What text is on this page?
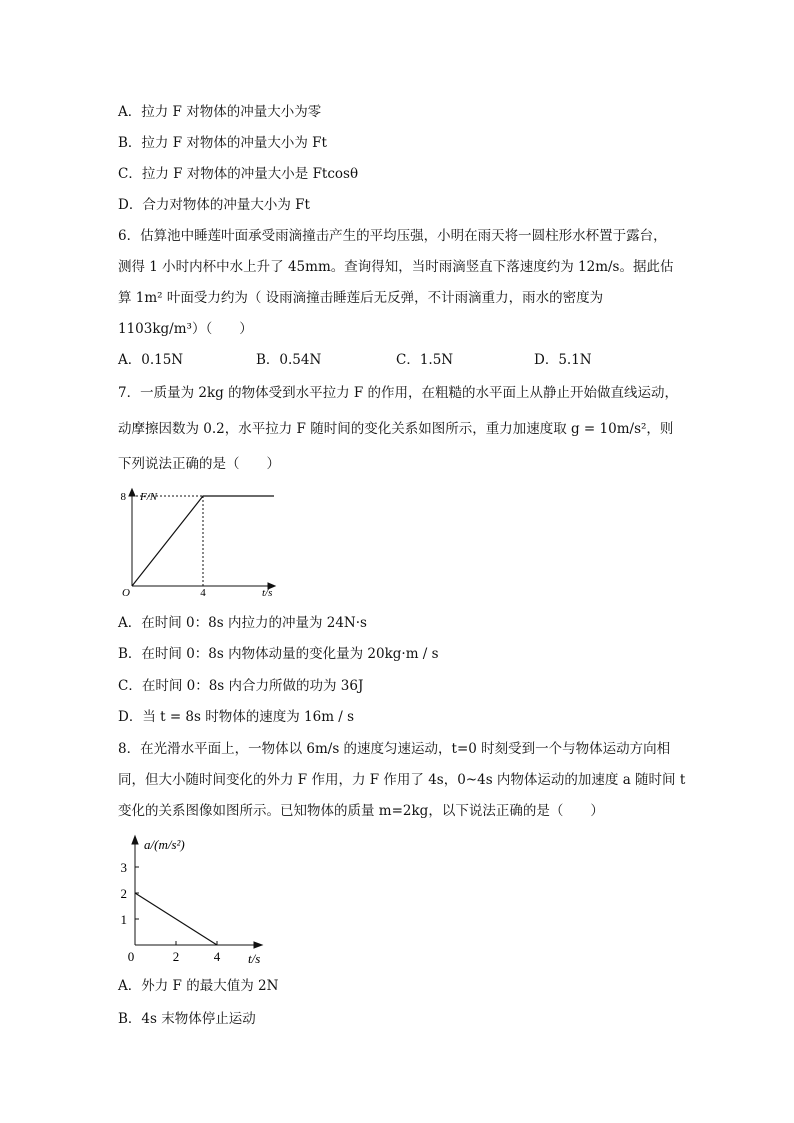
A．拉力 F 对物体的冲量大小为零
B．拉力 F 对物体的冲量大小为 Ft
C．拉力 F 对物体的冲量大小是 Ftcosθ
D．合力对物体的冲量大小为 Ft
6．估算池中睡莲叶面承受雨滴撞击产生的平均压强，小明在雨天将一圆柱形水杯置于露台，
测得 1 小时内杯中水上升了 45mm。查询得知，当时雨滴竖直下落速度约为 12m/s。据此估
算 1m² 叶面受力约为（ 设雨滴撞击睡莲后无反弹，不计雨滴重力，雨水的密度为
1103kg/m³）（　　）
A．0.15N	B．0.54N	C．1.5N	D．5.1N
7．一质量为 2kg 的物体受到水平拉力 F 的作用，在粗糙的水平面上从静止开始做直线运动，
动摩擦因数为 0.2，水平拉力 F 随时间的变化关系如图所示，重力加速度取 g = 10m/s²，则
下列说法正确的是（　　）
F/N
t/s
O	4
8
A．在时间 0：8s 内拉力的冲量为 24N·s
B．在时间 0：8s 内物体动量的变化量为 20kg·m / s
C．在时间 0：8s 内合力所做的功为 36J
D．当 t = 8s 时物体的速度为 16m / s
8．在光滑水平面上，一物体以 6m/s 的速度匀速运动，t=0 时刻受到一个与物体运动方向相
同，但大小随时间变化的外力 F 作用，力 F 作用了 4s，0~4s 内物体运动的加速度 a 随时间 t
变化的关系图像如图所示。已知物体的质量 m=2kg，以下说法正确的是（　　）
a/(m/s²)
t/s
0	2	4
1
2
3
A．外力 F 的最大值为 2N
B．4s 末物体停止运动
